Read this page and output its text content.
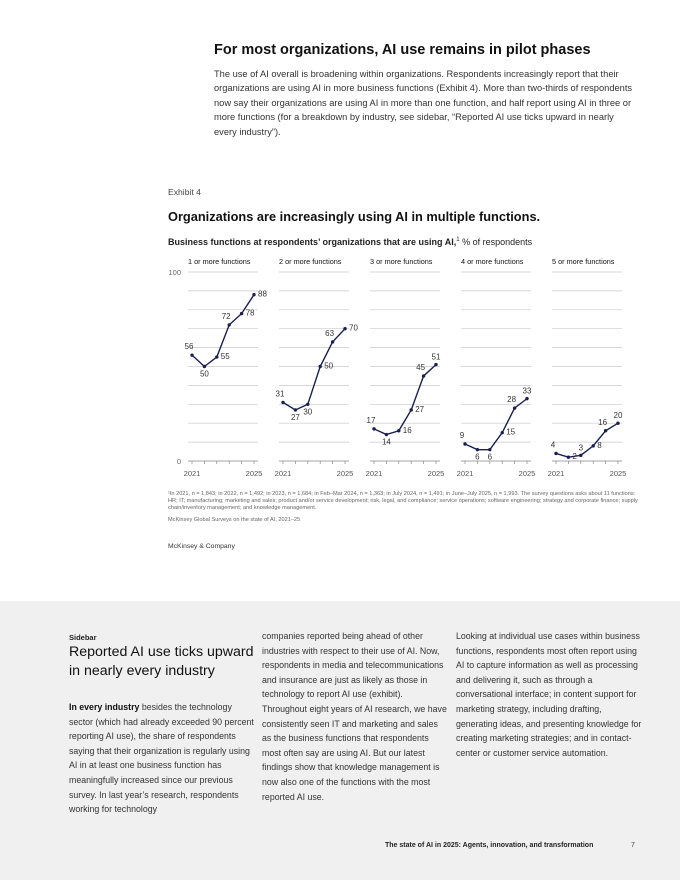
For most organizations, AI use remains in pilot phases
The use of AI overall is broadening within organizations. Respondents increasingly report that their organizations are using AI in more business functions (Exhibit 4). More than two-thirds of respondents now say their organizations are using AI in more than one function, and half report using AI in three or more functions (for a breakdown by industry, see sidebar, “Reported AI use ticks upward in nearly every industry”).
Exhibit 4
Organizations are increasingly using AI in multiple functions.
Business functions at respondents’ organizations that are using AI,$^1$ % of respondents
100
0
1 or more functions
2021	2025
56
50
55
72 78
88
2 or more functions
2021	2025
31
27
30
50
63
70
3 or more functions
2021	2025
17
14
16
27
45
51
4 or more functions
2021	2025
9
6 6
15
28
33
5 or more functions
2021	2025
4
2
3 8
16
20
¹In 2021, n = 1,843; in 2022, n = 1,492; in 2023, n = 1,684; in Feb–Mar 2024, n = 1,363; in July 2024, n = 1,491; in June–July 2025, n = 1,993. The survey questions asks about 11 functions: HR; IT; manufacturing; marketing and sales; product and/or service development; risk, legal, and compliance; service operations; software engineering; strategy and corporate finance; supply chain/inventory management; and knowledge management.
McKinsey Global Surveys on the state of AI, 2021–25
McKinsey & Company
Sidebar
Reported AI use ticks upward in nearly every industry
In every industry besides the technology sector (which had already exceeded 90 percent reporting AI use), the share of respondents saying that their organization is regularly using AI in at least one business function has meaningfully increased since our previous survey. In last year’s research, respondents working for technology
companies reported being ahead of other industries with respect to their use of AI. Now, respondents in media and telecommunications and insurance are just as likely as those in technology to report AI use (exhibit). Throughout eight years of AI research, we have consistently seen IT and marketing and sales as the business functions that respondents most often say are using AI. But our latest findings show that knowledge management is now also one of the functions with the most reported AI use.
Looking at individual use cases within business functions, respondents most often report using AI to capture information as well as processing and delivering it, such as through a conversational interface; in content support for marketing strategy, including drafting, generating ideas, and presenting knowledge for creating marketing strategies; and in contact-center or customer service automation.
The state of AI in 2025: Agents, innovation, and transformation	7
